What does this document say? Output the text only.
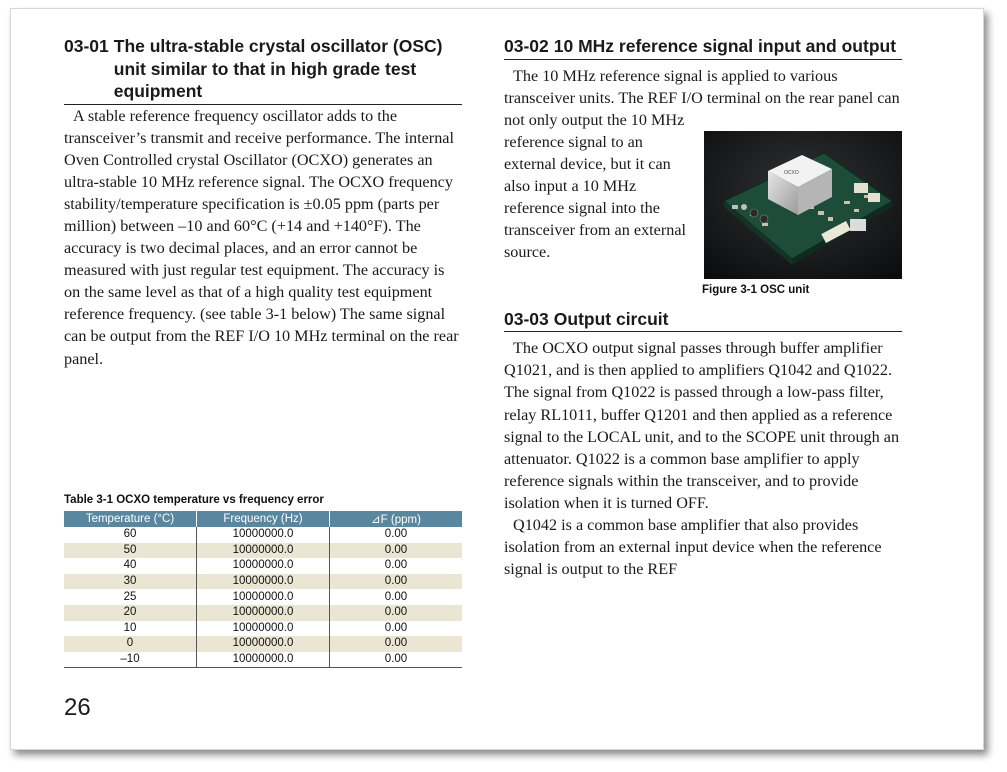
03-01 The ultra-stable crystal oscillator (OSC) unit similar to that in high grade test equipment

A stable reference frequency oscillator adds to the transceiver’s transmit and receive performance. The internal Oven Controlled crystal Oscillator (OCXO) generates an ultra-stable 10 MHz reference signal. The OCXO frequency stability/temperature specification is ±0.05 ppm (parts per million) between –10 and 60°C (+14 and +140°F). The accuracy is two decimal places, and an error cannot be measured with just regular test equipment. The accuracy is on the same level as that of a high quality test equipment reference frequency. (see table 3-1 below) The same signal can be output from the REF I/O 10 MHz terminal on the rear panel.

Table 3-1 OCXO temperature vs frequency error
Temperature (°C)	Frequency (Hz)	⊿F (ppm)
60	10000000.0	0.00
50	10000000.0	0.00
40	10000000.0	0.00
30	10000000.0	0.00
25	10000000.0	0.00
20	10000000.0	0.00
10	10000000.0	0.00
0	10000000.0	0.00
–10	10000000.0	0.00
26
03-02 10 MHz reference signal input and output

The 10 MHz reference signal is applied to various transceiver units. The REF I/O terminal on the rear panel can not only output the 10 MHz

reference signal to an external device, but it can also input a 10 MHz reference signal into the transceiver from an external source.

OCXO
Figure 3-1 OSC unit
03-03 Output circuit

The OCXO output signal passes through buffer amplifier Q1021, and is then applied to amplifiers Q1042 and Q1022. The signal from Q1022 is passed through a low-pass filter, relay RL1011, buffer Q1201 and then applied as a reference signal to the LOCAL unit, and to the SCOPE unit through an attenuator. Q1022 is a common base amplifier to apply reference signals within the transceiver, and to provide isolation when it is turned OFF.

Q1042 is a common base amplifier that also provides isolation from an external input device when the reference signal is output to the REF
